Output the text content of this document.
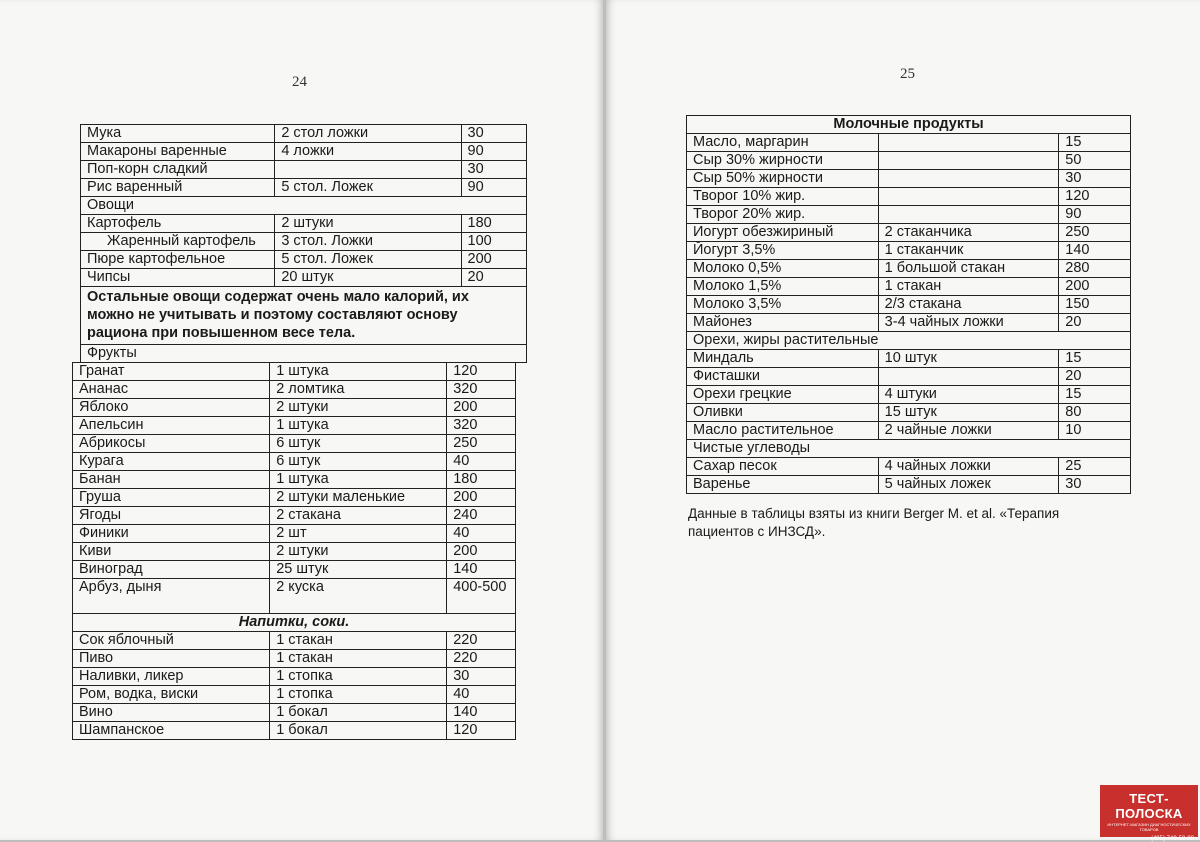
24
Мука	2 стол ложки	30
Макароны варенные	4 ложки	90
Поп-корн сладкий		30
Рис варенный	5 стол. Ложек	90
Овощи		
Картофель	2 штуки	180
Жаренный картофель	3 стол. Ложки	100
Пюре картофельное	5 стол. Ложек	200
Чипсы	20 штук	20
Остальные овощи содержат очень мало калорий, их можно не учитывать и поэтому составляют основу рациона при повышенном весе тела.		
Фрукты		
Гранат	1 штука	120
Ананас	2 ломтика	320
Яблоко	2 штуки	200
Апельсин	1 штука	320
Абрикосы	6 штук	250
Курага	6 штук	40
Банан	1 штука	180
Груша	2 штуки маленькие	200
Ягоды	2 стакана	240
Финики	2 шт	40
Киви	2 штуки	200
Виноград	25 штук	140
Арбуз, дыня	2 куска	400-500
Напитки, соки.		
Сок яблочный	1 стакан	220
Пиво	1 стакан	220
Наливки, ликер	1 стопка	30
Ром, водка, виски	1 стопка	40
Вино	1 бокал	140
Шампанское	1 бокал	120
25
Молочные продукты		
Масло, маргарин		15
Сыр 30% жирности		50
Сыр 50% жирности		30
Творог 10% жир.		120
Творог 20% жир.		90
Иогурт обезжириный	2 стаканчика	250
Йогурт 3,5%	1 стаканчик	140
Молоко 0,5%	1 большой стакан	280
Молоко 1,5%	1 стакан	200
Молоко 3,5%	2/3 стакана	150
Майонез	3-4 чайных ложки	20
Орехи, жиры растительные		
Миндаль	10 штук	15
Фисташки		20
Орехи грецкие	4 штуки	15
Оливки	15 штук	80
Масло растительное	2 чайные ложки	10
Чистые углеводы		
Сахар песок	4 чайных ложки	25
Варенье	5 чайных ложек	30
Данные в таблицы взяты из книги Berger M. et al. «Терапия пациентов с ИНЗСД».
ТЕСТ-ПОЛОСКА
ИНТЕРНЕТ-МАГАЗИН ДИАГНОСТИЧЕСКИХ ТОВАРОВ
(495) 749-59-98
